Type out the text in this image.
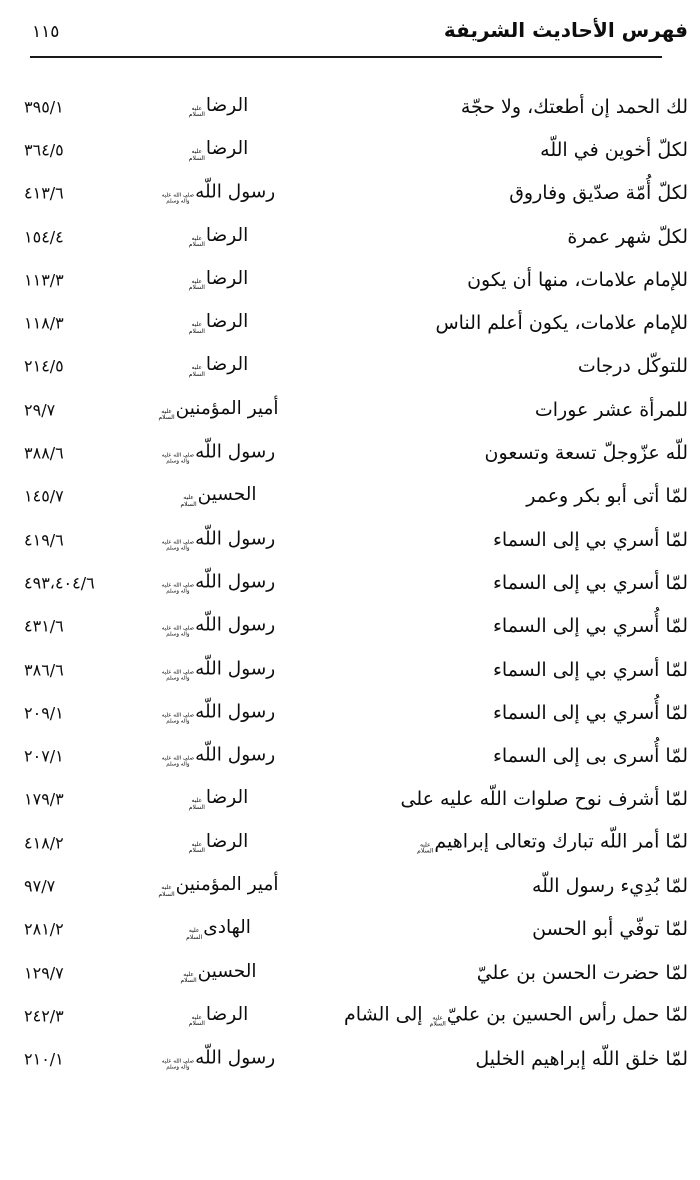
فهرس الأحاديث الشريفة
١١٥
لك الحمد إن أطعتك، ولا حجّة
الرضا
عليه
السلام
٣٩٥/١
لكلّ أخوين في اللّه
الرضا
عليه
السلام
٣٦٤/٥
لكلّ أُمّة صدّيق وفاروق
رسول اللّه
صلى الله عليه
وآله وسلم
٤١٣/٦
لكلّ شهر عمرة
الرضا
عليه
السلام
١٥٤/٤
للإمام علامات، منها أن يكون
الرضا
عليه
السلام
١١٣/٣
للإمام علامات، يكون أعلم الناس
الرضا
عليه
السلام
١١٨/٣
للتوكّل درجات
الرضا
عليه
السلام
٢١٤/٥
للمرأة عشر عورات
أمير المؤمنين
عليه
السلام
٢٩/٧
للّه عزّوجلّ تسعة وتسعون
رسول اللّه
صلى الله عليه
وآله وسلم
٣٨٨/٦
لمّا أتى أبو بكر وعمر
الحسين
عليه
السلام
١٤٥/٧
لمّا أسري بي إلى السماء
رسول اللّه
صلى الله عليه
وآله وسلم
٤١٩/٦
لمّا أسري بي إلى السماء
رسول اللّه
صلى الله عليه
وآله وسلم
٤٩٣،٤٠٤/٦
لمّا أُسري بي إلى السماء
رسول اللّه
صلى الله عليه
وآله وسلم
٤٣١/٦
لمّا أسري بي إلى السماء
رسول اللّه
صلى الله عليه
وآله وسلم
٣٨٦/٦
لمّا أُسري بي إلى السماء
رسول اللّه
صلى الله عليه
وآله وسلم
٢٠٩/١
لمّا أُسرى بى إلى السماء
رسول اللّه
صلى الله عليه
وآله وسلم
٢٠٧/١
لمّا أشرف نوح صلوات اللّه عليه على
الرضا
عليه
السلام
١٧٩/٣
لمّا أمر اللّه تبارك وتعالى إبراهيم
عليه
السلام
الرضا
عليه
السلام
٤١٨/٢
لمّا بُدِيء رسول اللّه
أمير المؤمنين
عليه
السلام
٩٧/٧
لمّا توفّي أبو الحسن
الهادى
عليه
السلام
٢٨١/٢
لمّا حضرت الحسن بن عليّ
الحسين
عليه
السلام
١٢٩/٧
لمّا حمل رأس الحسين بن عليّ
عليه
السلام
إلى الشام
الرضا
عليه
السلام
٢٤٢/٣
لمّا خلق اللّه إبراهيم الخليل
رسول اللّه
صلى الله عليه
وآله وسلم
٢١٠/١
